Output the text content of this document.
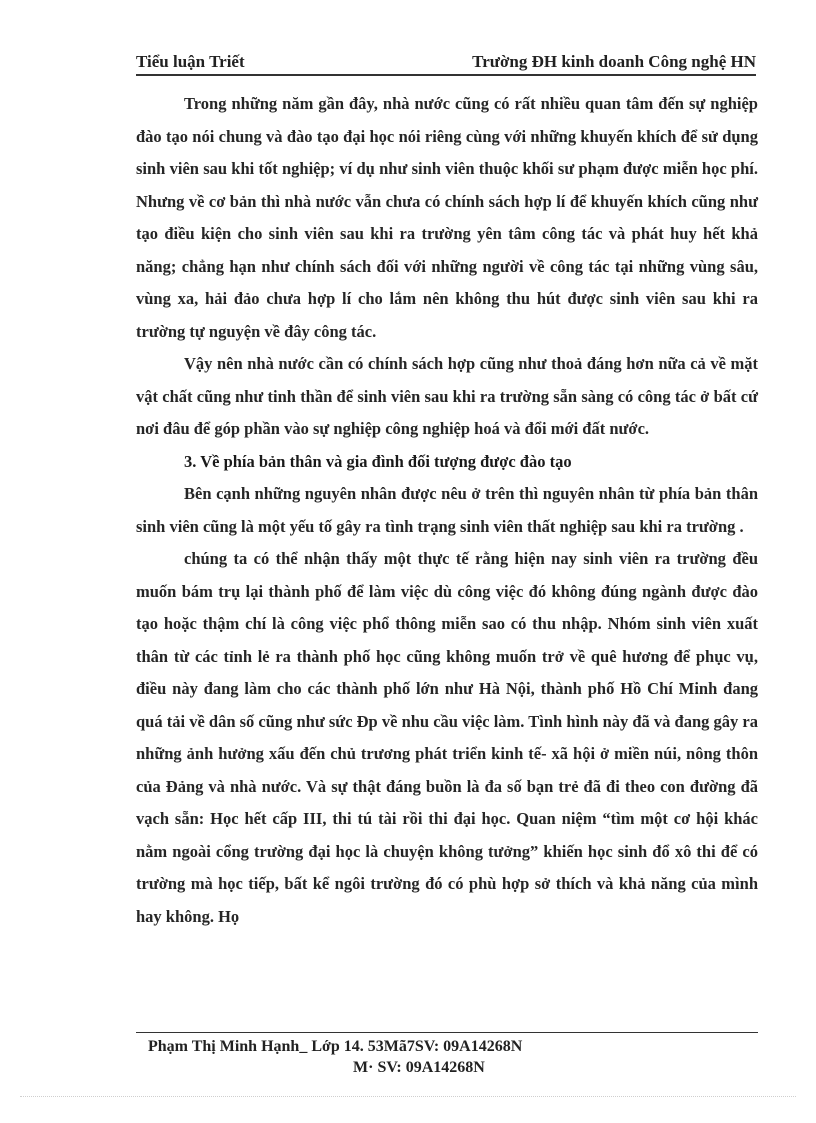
Tiểu luận Triết	Trường ĐH kinh doanh Công nghệ HN

Trong những năm gần đây, nhà nước cũng có rất nhiều quan tâm đến sự nghiệp đào tạo nói chung và đào tạo đại học nói riêng cùng với những khuyến khích để sử dụng sinh viên sau khi tốt nghiệp; ví dụ như sinh viên thuộc khối sư phạm được miễn học phí. Nhưng về cơ bản thì nhà nước vẫn chưa có chính sách hợp lí để khuyến khích cũng như tạo điều kiện cho sinh viên sau khi ra trường yên tâm công tác và phát huy hết khả năng; chẳng hạn như chính sách đối với những người về công tác tại những vùng sâu, vùng xa, hải đảo chưa hợp lí cho lắm nên không thu hút được sinh viên sau khi ra trường tự nguyện về đây công tác.

Vậy nên nhà nước cần có chính sách hợp cũng như thoả đáng hơn nữa cả về mặt vật chất cũng như tinh thần để sinh viên sau khi ra trường sẵn sàng có công tác ở bất cứ nơi đâu để góp phần vào sự nghiệp công nghiệp hoá và đổi mới đất nước.

3. Về phía bản thân và gia đình đối tượng được đào tạo

Bên cạnh những nguyên nhân được nêu ở trên thì nguyên nhân từ phía bản thân sinh viên cũng là một yếu tố gây ra tình trạng sinh viên thất nghiệp sau khi ra trường .

chúng ta có thể nhận thấy một thực tế rằng hiện nay sinh viên ra trường đều muốn bám trụ lại thành phố để làm việc dù công việc đó không đúng ngành được đào tạo hoặc thậm chí là công việc phổ thông miễn sao có thu nhập. Nhóm sinh viên xuất thân từ các tỉnh lẻ ra thành phố học cũng không muốn trở về quê hương để phục vụ, điều này đang làm cho các thành phố lớn như Hà Nội, thành phố Hồ Chí Minh đang quá tải về dân số cũng như sức Ðp về nhu cầu việc làm. Tình hình này đã và đang gây ra những ảnh hưởng xấu đến chủ trương phát triển kinh tế- xã hội ở miền núi, nông thôn của Đảng và nhà nước. Và sự thật đáng buồn là đa số bạn trẻ đã đi theo con đường đã vạch sẵn: Học hết cấp III, thi tú tài rồi thi đại học. Quan niệm “tìm một cơ hội khác nằm ngoài cổng trường đại học là chuyện không tưởng” khiến học sinh đổ xô thi để có trường mà học tiếp, bất kể ngôi trường đó có phù hợp sở thích và khả năng của mình hay không. Họ

Phạm Thị Minh Hạnh_ Lớp 14. 53Mã7SV: 09A14268N
M· SV: 09A14268N
